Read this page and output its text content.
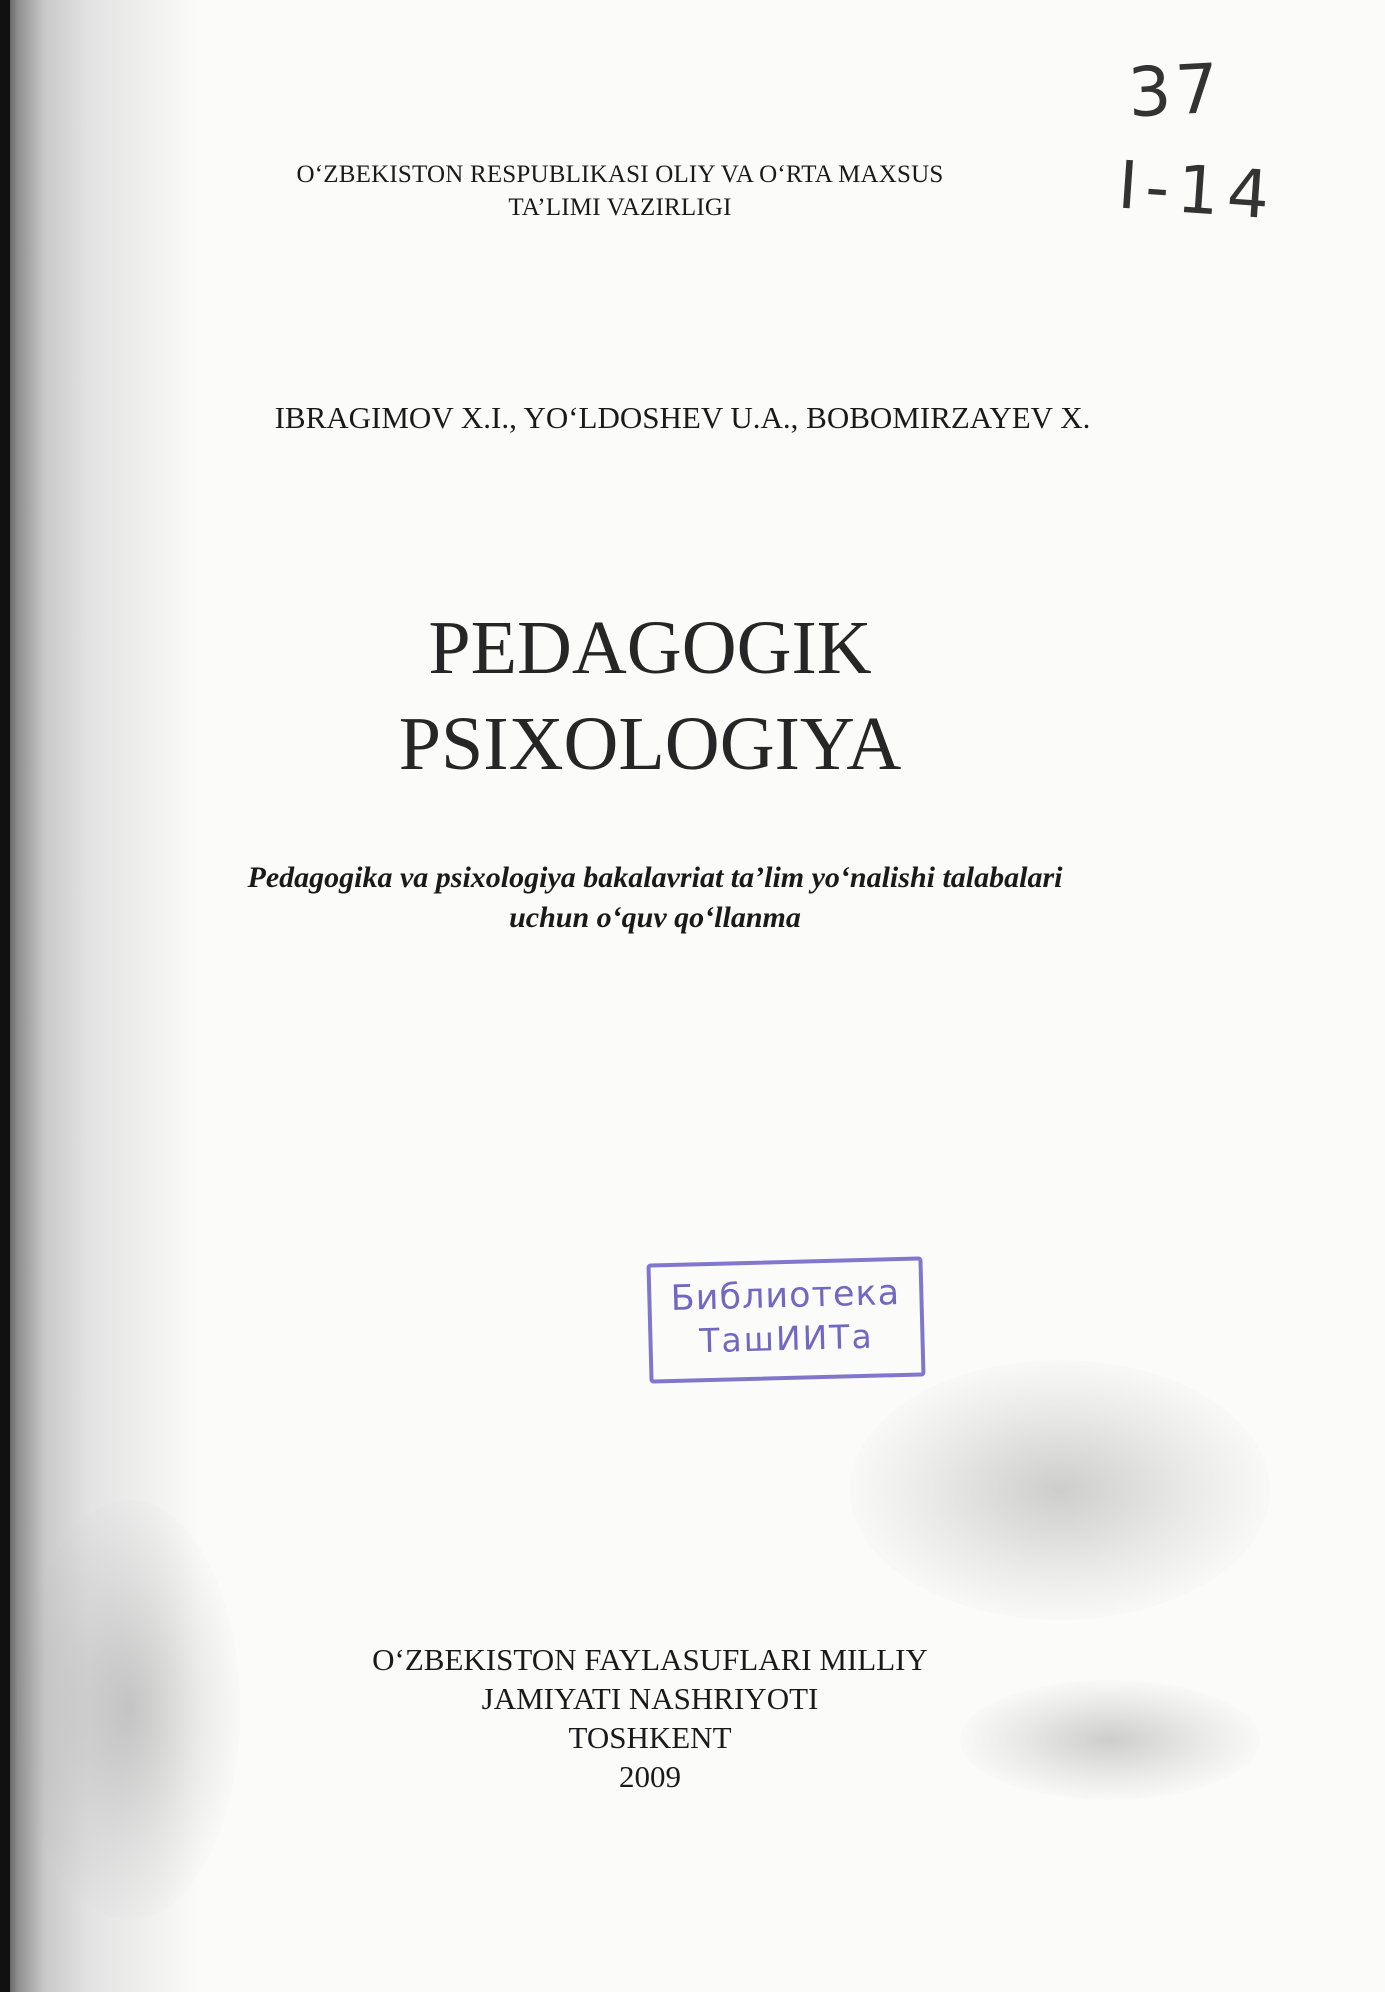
O‘ZBEKISTON RESPUBLIKASI OLIY VA O‘RTA MAXSUS
TA’LIMI VAZIRLIGI

37
I-14

IBRAGIMOV X.I., YO‘LDOSHEV U.A., BOBOMIRZAYEV X.

PEDAGOGIK
PSIXOLOGIYA

Pedagogika va psixologiya bakalavriat ta’lim yo‘nalishi talabalari
uchun o‘quv qo‘llanma

Библиотека
ТашИИТа

O‘ZBEKISTON FAYLASUFLARI MILLIY
JAMIYATI NASHRIYOTI
TOSHKENT
2009
